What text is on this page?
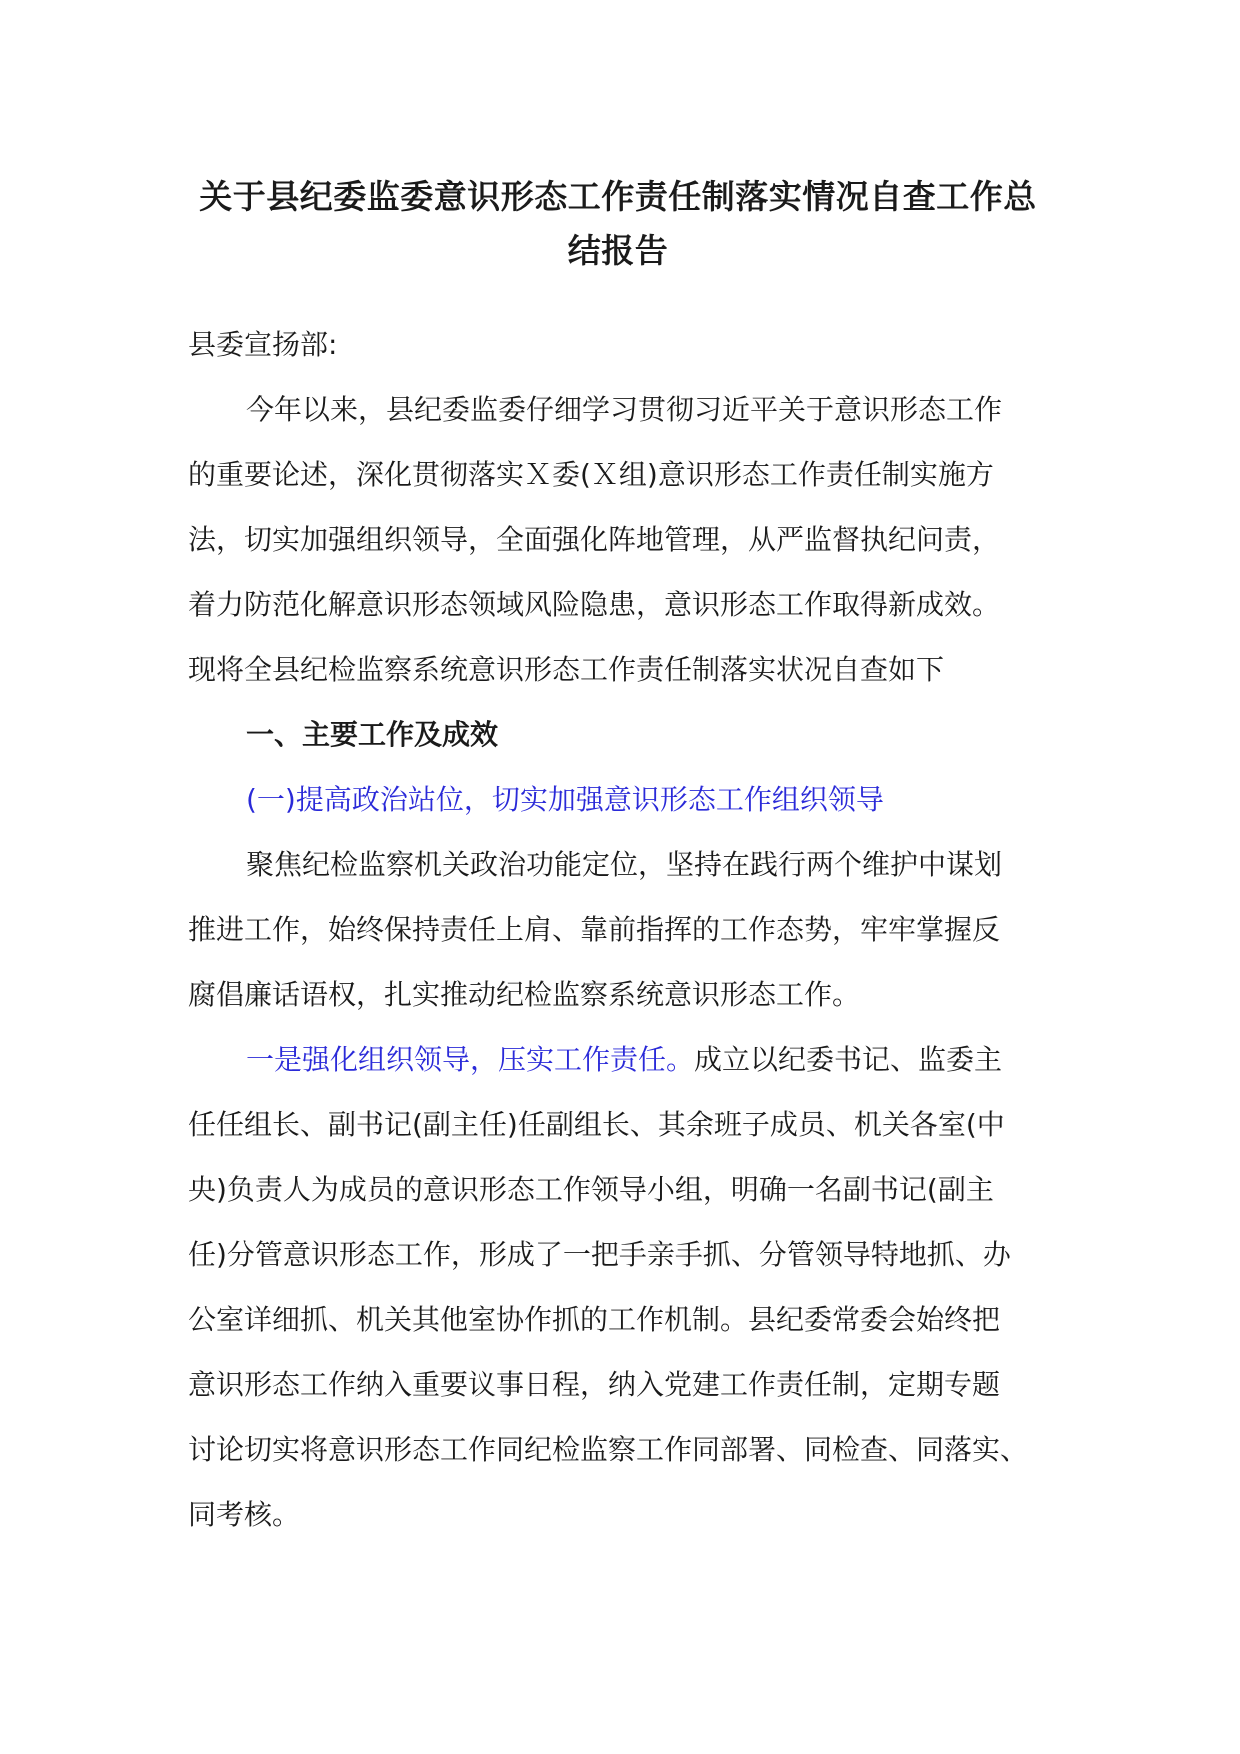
关于县纪委监委意识形态工作责任制落实情况自查工作总
结报告
县委宣扬部:
今年以来，县纪委监委仔细学习贯彻习近平关于意识形态工作
的重要论述，深化贯彻落实Ｘ委(Ｘ组)意识形态工作责任制实施方
法，切实加强组织领导，全面强化阵地管理，从严监督执纪问责，
着力防范化解意识形态领域风险隐患，意识形态工作取得新成效。
现将全县纪检监察系统意识形态工作责任制落实状况自查如下
一、主要工作及成效
(一)提高政治站位，切实加强意识形态工作组织领导
聚焦纪检监察机关政治功能定位，坚持在践行两个维护中谋划
推进工作，始终保持责任上肩、靠前指挥的工作态势，牢牢掌握反
腐倡廉话语权，扎实推动纪检监察系统意识形态工作。
一是强化组织领导，压实工作责任。成立以纪委书记、监委主
任任组长、副书记(副主任)任副组长、其余班子成员、机关各室(中
央)负责人为成员的意识形态工作领导小组，明确一名副书记(副主
任)分管意识形态工作，形成了一把手亲手抓、分管领导特地抓、办
公室详细抓、机关其他室协作抓的工作机制。县纪委常委会始终把
意识形态工作纳入重要议事日程，纳入党建工作责任制，定期专题
讨论切实将意识形态工作同纪检监察工作同部署、同检查、同落实、
同考核。
